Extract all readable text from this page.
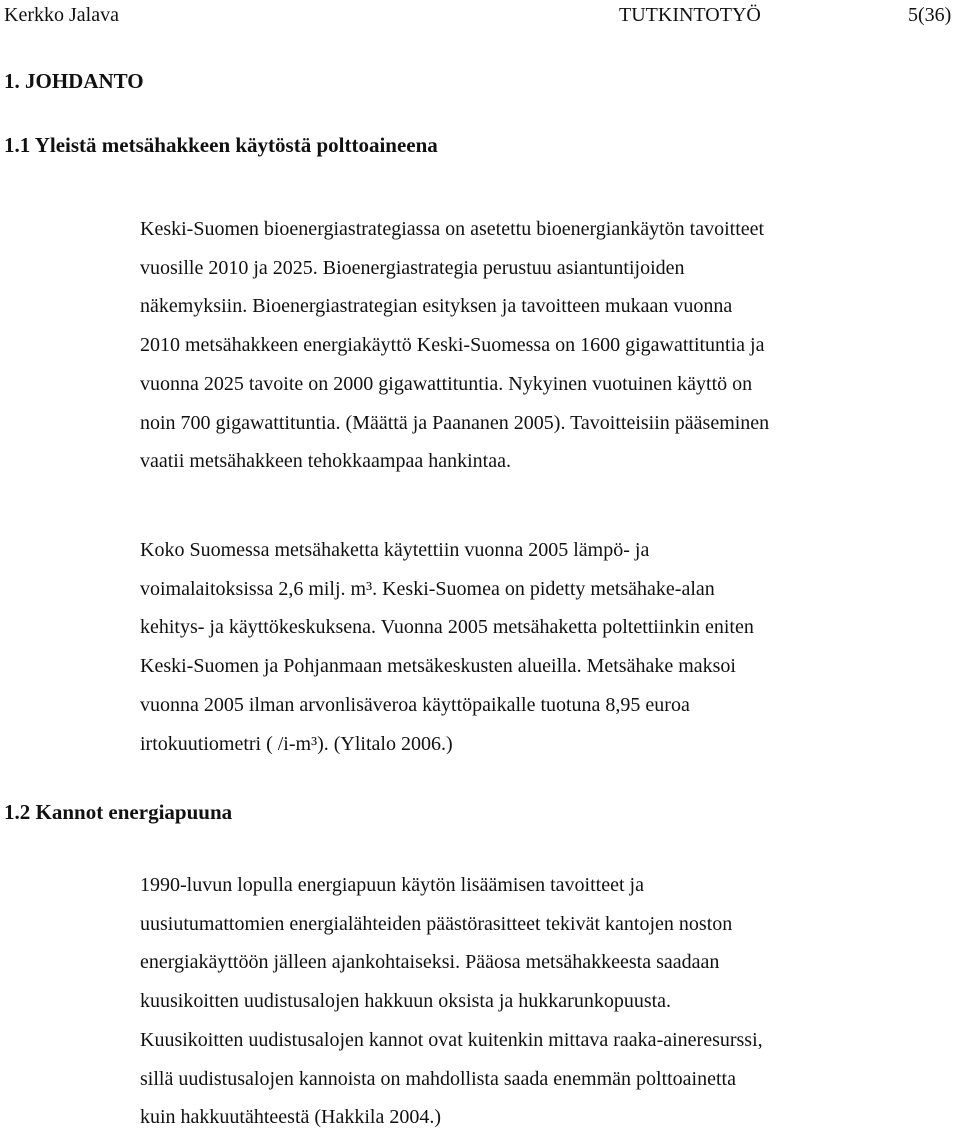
Kerkko Jalava	TUTKINTOTYÖ	5(36)
1. JOHDANTO
1.1 Yleistä metsähakkeen käytöstä polttoaineena
Keski-Suomen bioenergiastrategiassa on asetettu bioenergiankäytön tavoitteet
vuosille 2010 ja 2025. Bioenergiastrategia perustuu asiantuntijoiden
näkemyksiin. Bioenergiastrategian esityksen ja tavoitteen mukaan vuonna
2010 metsähakkeen energiakäyttö Keski-Suomessa on 1600 gigawattituntia ja
vuonna 2025 tavoite on 2000 gigawattituntia. Nykyinen vuotuinen käyttö on
noin 700 gigawattituntia. (Määttä ja Paananen 2005). Tavoitteisiin pääseminen
vaatii metsähakkeen tehokkaampaa hankintaa.
Koko Suomessa metsähaketta käytettiin vuonna 2005 lämpö- ja
voimalaitoksissa 2,6 milj. m³. Keski-Suomea on pidetty metsähake-alan
kehitys- ja käyttökeskuksena. Vuonna 2005 metsähaketta poltettiinkin eniten
Keski-Suomen ja Pohjanmaan metsäkeskusten alueilla. Metsähake maksoi
vuonna 2005 ilman arvonlisäveroa käyttöpaikalle tuotuna 8,95 euroa
irtokuutiometri ( /i-m³). (Ylitalo 2006.)
1.2 Kannot energiapuuna
1990-luvun lopulla energiapuun käytön lisäämisen tavoitteet ja
uusiutumattomien energialähteiden päästörasitteet tekivät kantojen noston
energiakäyttöön jälleen ajankohtaiseksi. Pääosa metsähakkeesta saadaan
kuusikoitten uudistusalojen hakkuun oksista ja hukkarunkopuusta.
Kuusikoitten uudistusalojen kannot ovat kuitenkin mittava raaka-aineresurssi,
sillä uudistusalojen kannoista on mahdollista saada enemmän polttoainetta
kuin hakkuutähteestä (Hakkila 2004.)
